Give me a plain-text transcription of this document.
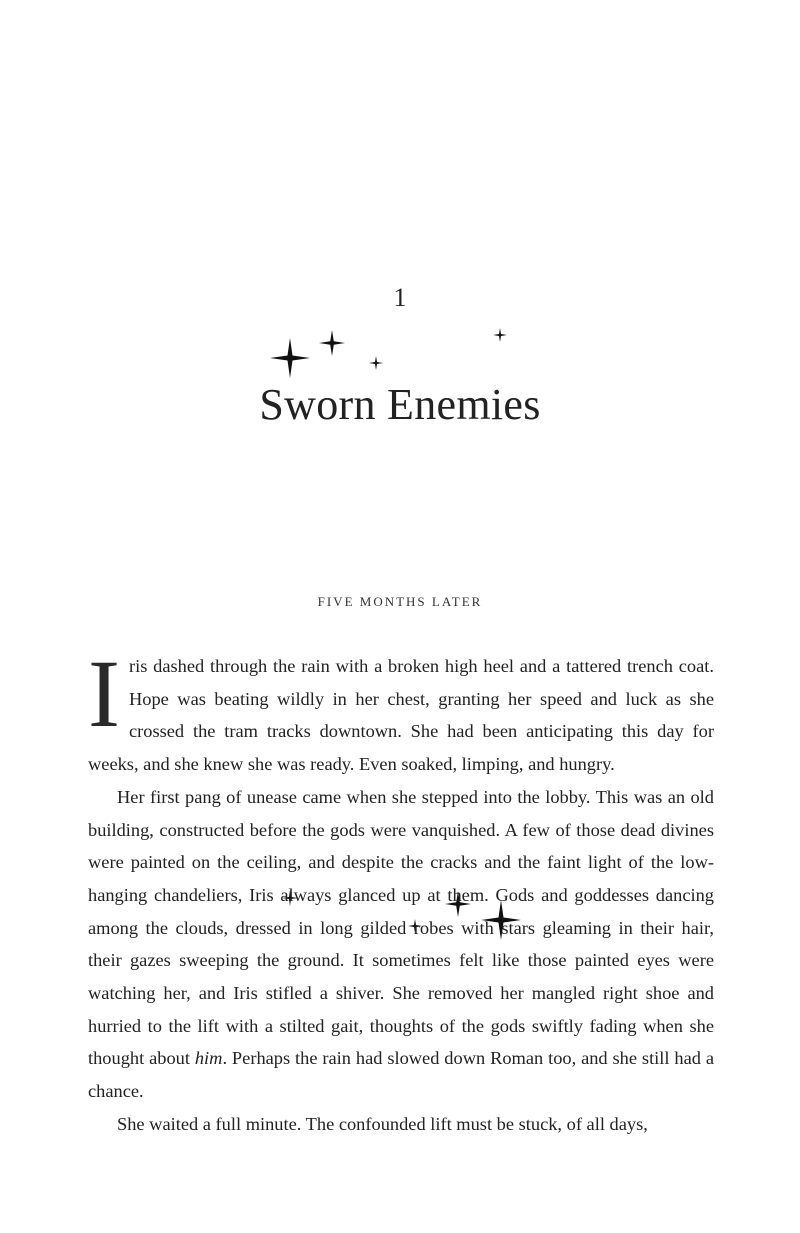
1
Sworn Enemies
FIVE MONTHS LATER

Iris dashed through the rain with a broken high heel and a tattered trench coat. Hope was beating wildly in her chest, granting her speed and luck as she crossed the tram tracks downtown. She had been anticipating this day for weeks, and she knew she was ready. Even soaked, limping, and hungry.

Her first pang of unease came when she stepped into the lobby. This was an old building, constructed before the gods were vanquished. A few of those dead divines were painted on the ceiling, and despite the cracks and the faint light of the low-hanging chandeliers, Iris always glanced up at them. Gods and goddesses dancing among the clouds, dressed in long gilded robes with stars gleaming in their hair, their gazes sweeping the ground. It sometimes felt like those painted eyes were watching her, and Iris stifled a shiver. She removed her mangled right shoe and hurried to the lift with a stilted gait, thoughts of the gods swiftly fading when she thought about him. Perhaps the rain had slowed down Roman too, and she still had a chance.

She waited a full minute. The confounded lift must be stuck, of all days,
